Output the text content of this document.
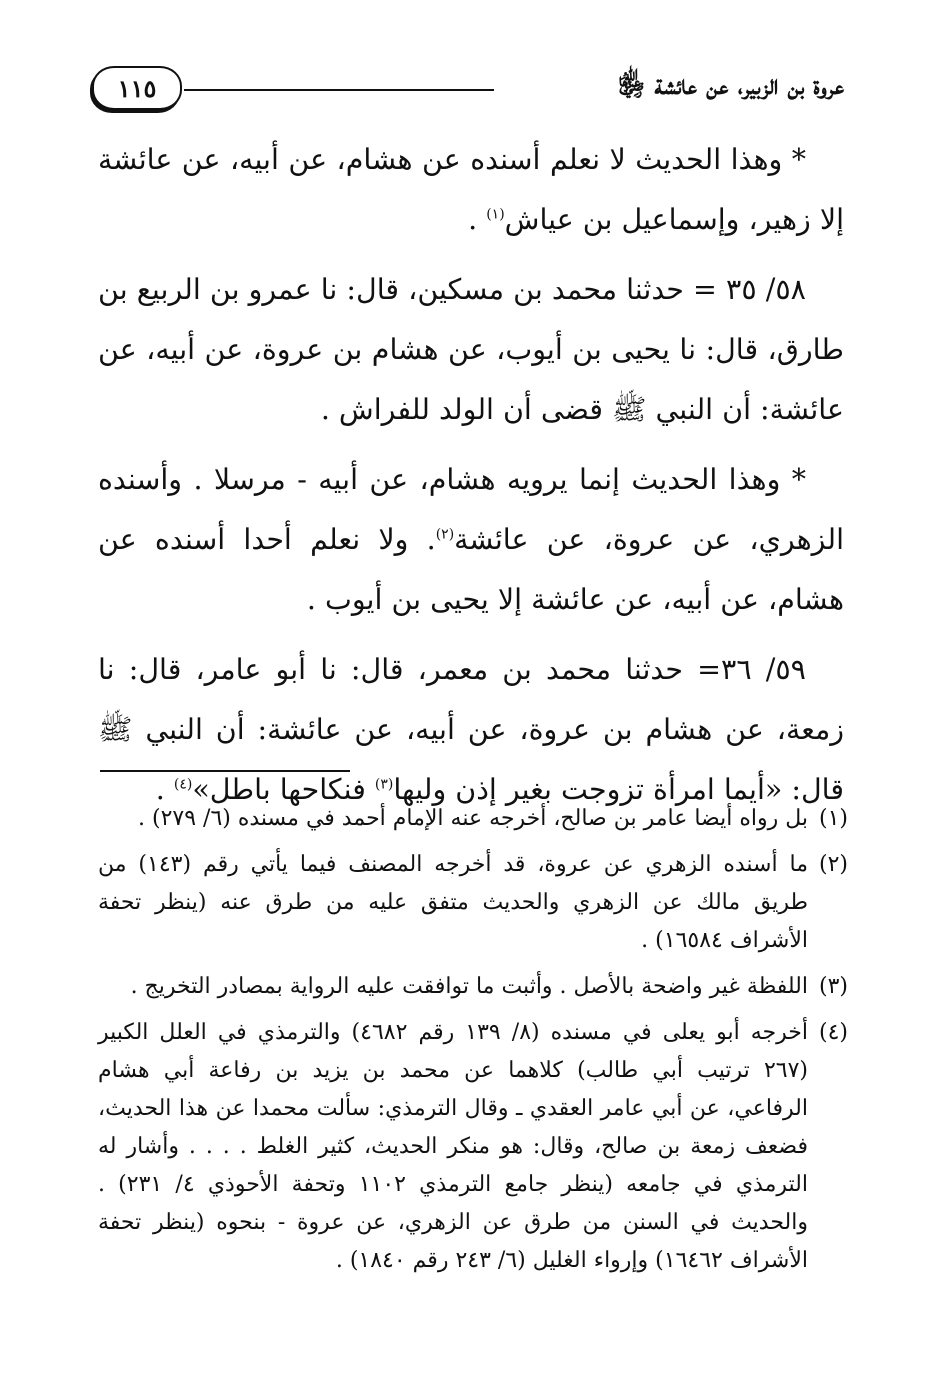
عروة بن الزبير، عن عائشة ﵂
١١٥

* وهذا الحديث لا نعلم أسنده عن هشام، عن أبيه، عن عائشة إلا زهير، وإسماعيل بن عياش$^{(١)}$ .

٥٨/ ٣٥ = حدثنا محمد بن مسكين، قال: نا عمرو بن الربيع بن طارق، قال: نا يحيى بن أيوب، عن هشام بن عروة، عن أبيه، عن عائشة: أن النبي ﷺ قضى أن الولد للفراش .

* وهذا الحديث إنما يرويه هشام، عن أبيه - مرسلا . وأسنده الزهري، عن عروة، عن عائشة$^{(٢)}$. ولا نعلم أحدا أسنده عن هشام، عن أبيه، عن عائشة إلا يحيى بن أيوب .

٥٩/ ٣٦= حدثنا محمد بن معمر، قال: نا أبو عامر، قال: نا زمعة، عن هشام بن عروة، عن أبيه، عن عائشة: أن النبي ﷺ قال: «أيما امرأة تزوجت بغير إذن وليها$^{(٣)}$ فنكاحها باطل»$^{(٤)}$ .

(١)
بل رواه أيضا عامر بن صالح، أخرجه عنه الإمام أحمد في مسنده (٦/ ٢٧٩) .
(٢)
ما أسنده الزهري عن عروة، قد أخرجه المصنف فيما يأتي رقم (١٤٣) من طريق مالك عن الزهري والحديث متفق عليه من طرق عنه (ينظر تحفة الأشراف ١٦٥٨٤) .
(٣)
اللفظة غير واضحة بالأصل . وأثبت ما توافقت عليه الرواية بمصادر التخريج .
(٤)
أخرجه أبو يعلى في مسنده (٨/ ١٣٩ رقم ٤٦٨٢) والترمذي في العلل الكبير (٢٦٧ ترتيب أبي طالب) كلاهما عن محمد بن يزيد بن رفاعة أبي هشام الرفاعي، عن أبي عامر العقدي ـ وقال الترمذي: سألت محمدا عن هذا الحديث، فضعف زمعة بن صالح، وقال: هو منكر الحديث، كثير الغلط . . . . وأشار له الترمذي في جامعه (ينظر جامع الترمذي ١١٠٢ وتحفة الأحوذي ٤/ ٢٣١) . والحديث في السنن من طرق عن الزهري، عن عروة - بنحوه (ينظر تحفة الأشراف ١٦٤٦٢) وإرواء الغليل (٦/ ٢٤٣ رقم ١٨٤٠) .
